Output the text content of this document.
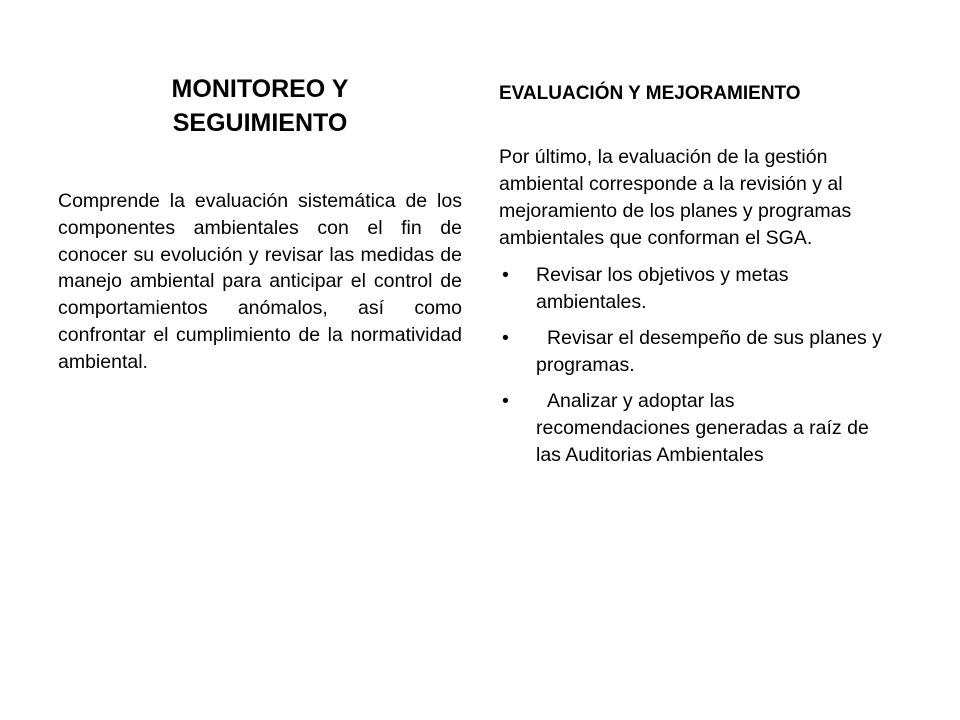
MONITOREO Y
SEGUIMIENTO

Comprende la evaluación sistemática de los componentes ambientales con el fin de conocer su evolución y revisar las medidas de manejo ambiental para anticipar el control de comportamientos anómalos, así como confrontar el cumplimiento de la normatividad ambiental.

EVALUACIÓN Y MEJORAMIENTO

Por último, la evaluación de la gestión ambiental corresponde a la revisión y al mejoramiento de los planes y programas ambientales que conforman el SGA.

• Revisar los objetivos y metas ambientales.
• Revisar el desempeño de sus planes y programas.
• Analizar y adoptar las recomendaciones generadas a raíz de las Auditorias Ambientales
